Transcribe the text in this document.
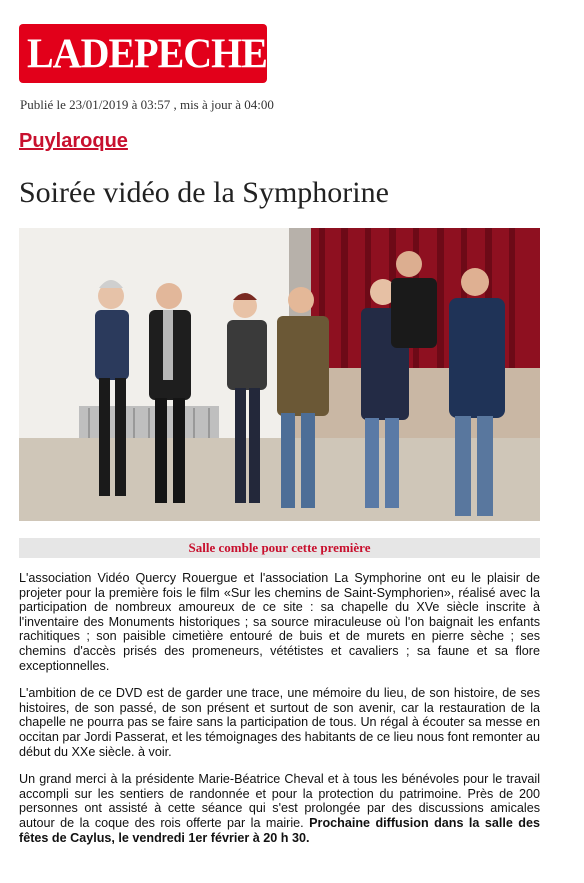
LADEPECHE fr
Publié le 23/01/2019 à 03:57 , mis à jour à 04:00
Puylaroque
Soirée vidéo de la Symphorine
Salle comble pour cette première

L'association Vidéo Quercy Rouergue et l'association La Symphorine ont eu le plaisir de projeter pour la première fois le film «Sur les chemins de Saint-Symphorien», réalisé avec la participation de nombreux amoureux de ce site : sa chapelle du XVe siècle inscrite à l'inventaire des Monuments historiques ; sa source miraculeuse où l'on baignait les enfants rachitiques ; son paisible cimetière entouré de buis et de murets en pierre sèche ; ses chemins d'accès prisés des promeneurs, vététistes et cavaliers ; sa faune et sa flore exceptionnelles.

L'ambition de ce DVD est de garder une trace, une mémoire du lieu, de son histoire, de ses histoires, de son passé, de son présent et surtout de son avenir, car la restauration de la chapelle ne pourra pas se faire sans la participation de tous. Un régal à écouter sa messe en occitan par Jordi Passerat, et les témoignages des habitants de ce lieu nous font remonter au début du XXe siècle. à voir.

Un grand merci à la présidente Marie-Béatrice Cheval et à tous les bénévoles pour le travail accompli sur les sentiers de randonnée et pour la protection du patrimoine. Près de 200 personnes ont assisté à cette séance qui s'est prolongée par des discussions amicales autour de la coque des rois offerte par la mairie. Prochaine diffusion dans la salle des fêtes de Caylus, le vendredi 1er février à 20 h 30.
